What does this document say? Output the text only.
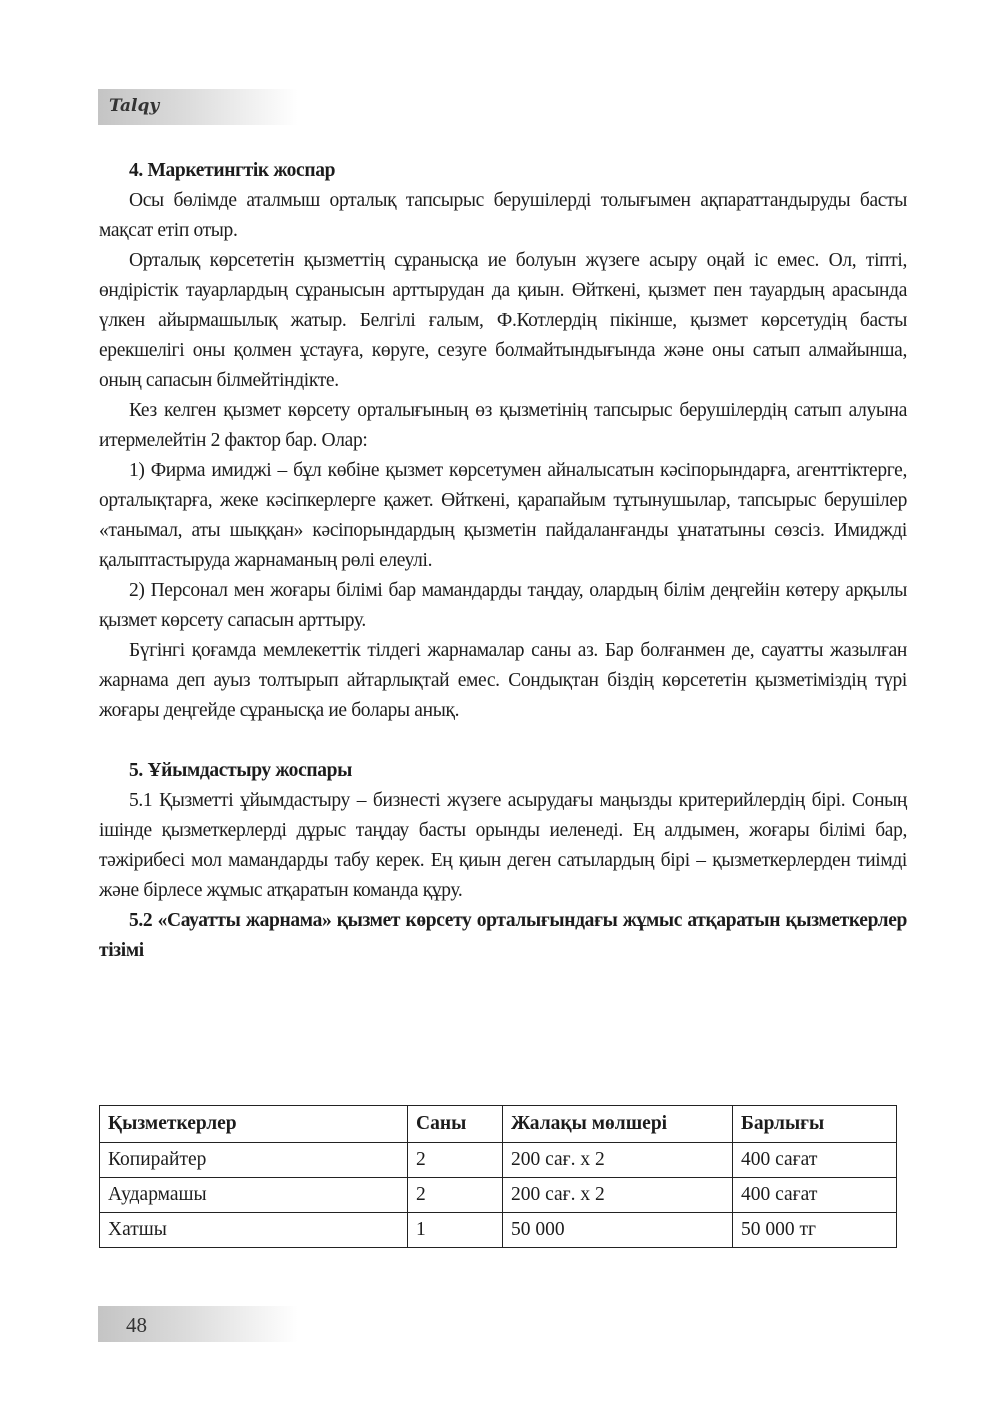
Talqy
4. Маркетингтік жоспар

Осы бөлімде аталмыш орталық тапсырыс берушілерді толығымен ақпараттандыруды басты мақсат етіп отыр.

Орталық көрсететін қызметтің сұранысқа ие болуын жүзеге асыру оңай іс емес. Ол, тіпті, өндірістік тауарлардың сұранысын арттырудан да қиын. Өйткені, қызмет пен тауардың арасында үлкен айырмашылық жатыр. Белгілі ғалым, Ф.Котлердің пікінше, қызмет көрсетудің басты ерекшелігі оны қолмен ұстауға, көруге, сезуге болмайтындығында және оны сатып алмайынша, оның сапасын білмейтіндікте.

Кез келген қызмет көрсету орталығының өз қызметінің тапсырыс берушілердің сатып алуына итермелейтін 2 фактор бар. Олар:

1) Фирма имиджі – бұл көбіне қызмет көрсетумен айналысатын кәсіпорындарға, агенттіктерге, орталықтарға, жеке кәсіпкерлерге қажет. Өйткені, қарапайым тұтынушылар, тапсырыс берушілер «танымал, аты шыққан» кәсіпорындардың қызметін пайдаланғанды ұнататыны сөзсіз. Имиджді қалыптастыруда жарнаманың рөлі елеулі.

2) Персонал мен жоғары білімі бар мамандарды таңдау, олардың білім деңгейін көтеру арқылы қызмет көрсету сапасын арттыру.

Бүгінгі қоғамда мемлекеттік тілдегі жарнамалар саны аз. Бар болғанмен де, сауатты жазылған жарнама деп ауыз толтырып айтарлықтай емес. Сондықтан біздің көрсететін қызметіміздің түрі жоғары деңгейде сұранысқа ие болары анық.

5. Ұйымдастыру жоспары

5.1 Қызметті ұйымдастыру – бизнесті жүзеге асырудағы маңызды критерийлердің бірі. Соның ішінде қызметкерлерді дұрыс таңдау басты орынды иеленеді. Ең алдымен, жоғары білімі бар, тәжірибесі мол мамандарды табу керек. Ең қиын деген сатылардың бірі – қызметкерлерден тиімді және бірлесе жұмыс атқаратын команда құру.

5.2 «Сауатты жарнама» қызмет көрсету орталығындағы жұмыс атқаратын қызметкерлер тізімі
Қызметкерлер	Саны	Жалақы мөлшері	Барлығы
Копирайтер	2	200 сағ. х 2	400 сағат
Аудармашы	2	200 сағ. х 2	400 сағат
Хатшы	1	50 000	50 000 тг
48
